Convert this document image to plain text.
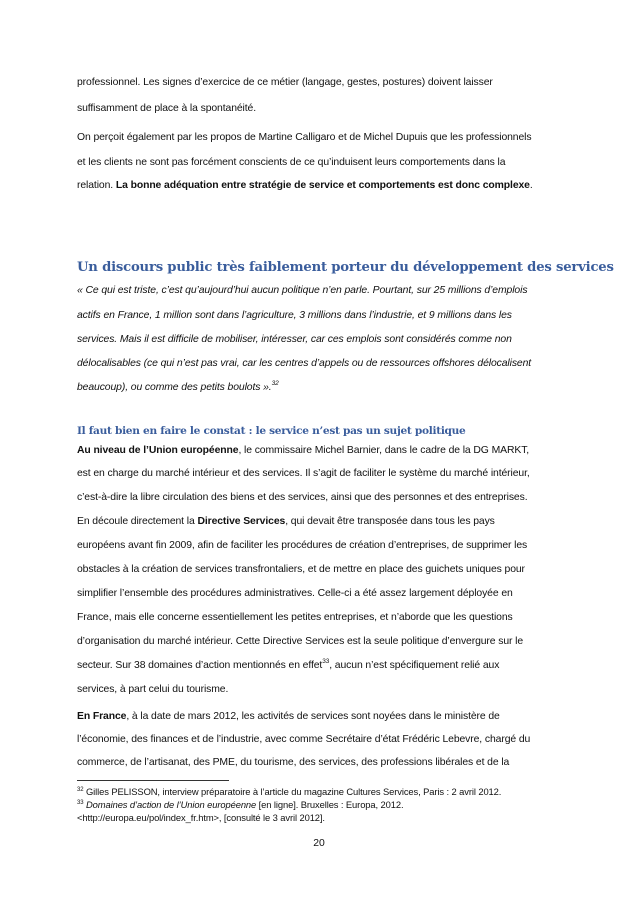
professionnel. Les signes d’exercice de ce métier (langage, gestes, postures) doivent laisser
suffisamment de place à la spontanéité.
On perçoit également par les propos de Martine Calligaro et de Michel Dupuis que les professionnels
et les clients ne sont pas forcément conscients de ce qu’induisent leurs comportements dans la
relation. La bonne adéquation entre stratégie de service et comportements est donc complexe.
Un discours public très faiblement porteur du développement des services
« Ce qui est triste, c’est qu’aujourd’hui aucun politique n’en parle. Pourtant, sur 25 millions d’emplois
actifs en France, 1 million sont dans l’agriculture, 3 millions dans l’industrie, et 9 millions dans les
services. Mais il est difficile de mobiliser, intéresser, car ces emplois sont considérés comme non
délocalisables (ce qui n’est pas vrai, car les centres d’appels ou de ressources offshores délocalisent
beaucoup), ou comme des petits boulots ».$^{32}$
Il faut bien en faire le constat : le service n’est pas un sujet politique
Au niveau de l’Union européenne, le commissaire Michel Barnier, dans le cadre de la DG MARKT,
est en charge du marché intérieur et des services. Il s’agit de faciliter le système du marché intérieur,
c’est-à-dire la libre circulation des biens et des services, ainsi que des personnes et des entreprises.
En découle directement la Directive Services, qui devait être transposée dans tous les pays
européens avant fin 2009, afin de faciliter les procédures de création d’entreprises, de supprimer les
obstacles à la création de services transfrontaliers, et de mettre en place des guichets uniques pour
simplifier l’ensemble des procédures administratives. Celle-ci a été assez largement déployée en
France, mais elle concerne essentiellement les petites entreprises, et n’aborde que les questions
d’organisation du marché intérieur. Cette Directive Services est la seule politique d’envergure sur le
secteur. Sur 38 domaines d’action mentionnés en effet$^{33}$, aucun n’est spécifiquement relié aux
services, à part celui du tourisme.
En France, à la date de mars 2012, les activités de services sont noyées dans le ministère de
l’économie, des finances et de l’industrie, avec comme Secrétaire d’état Frédéric Lebevre, chargé du
commerce, de l’artisanat, des PME, du tourisme, des services, des professions libérales et de la
$^{32}$ Gilles PELISSON, interview préparatoire à l’article du magazine Cultures Services, Paris : 2 avril 2012.
$^{33}$ Domaines d’action de l’Union européenne [en ligne]. Bruxelles : Europa, 2012.
<http://europa.eu/pol/index_fr.htm>, [consulté le 3 avril 2012].
20
